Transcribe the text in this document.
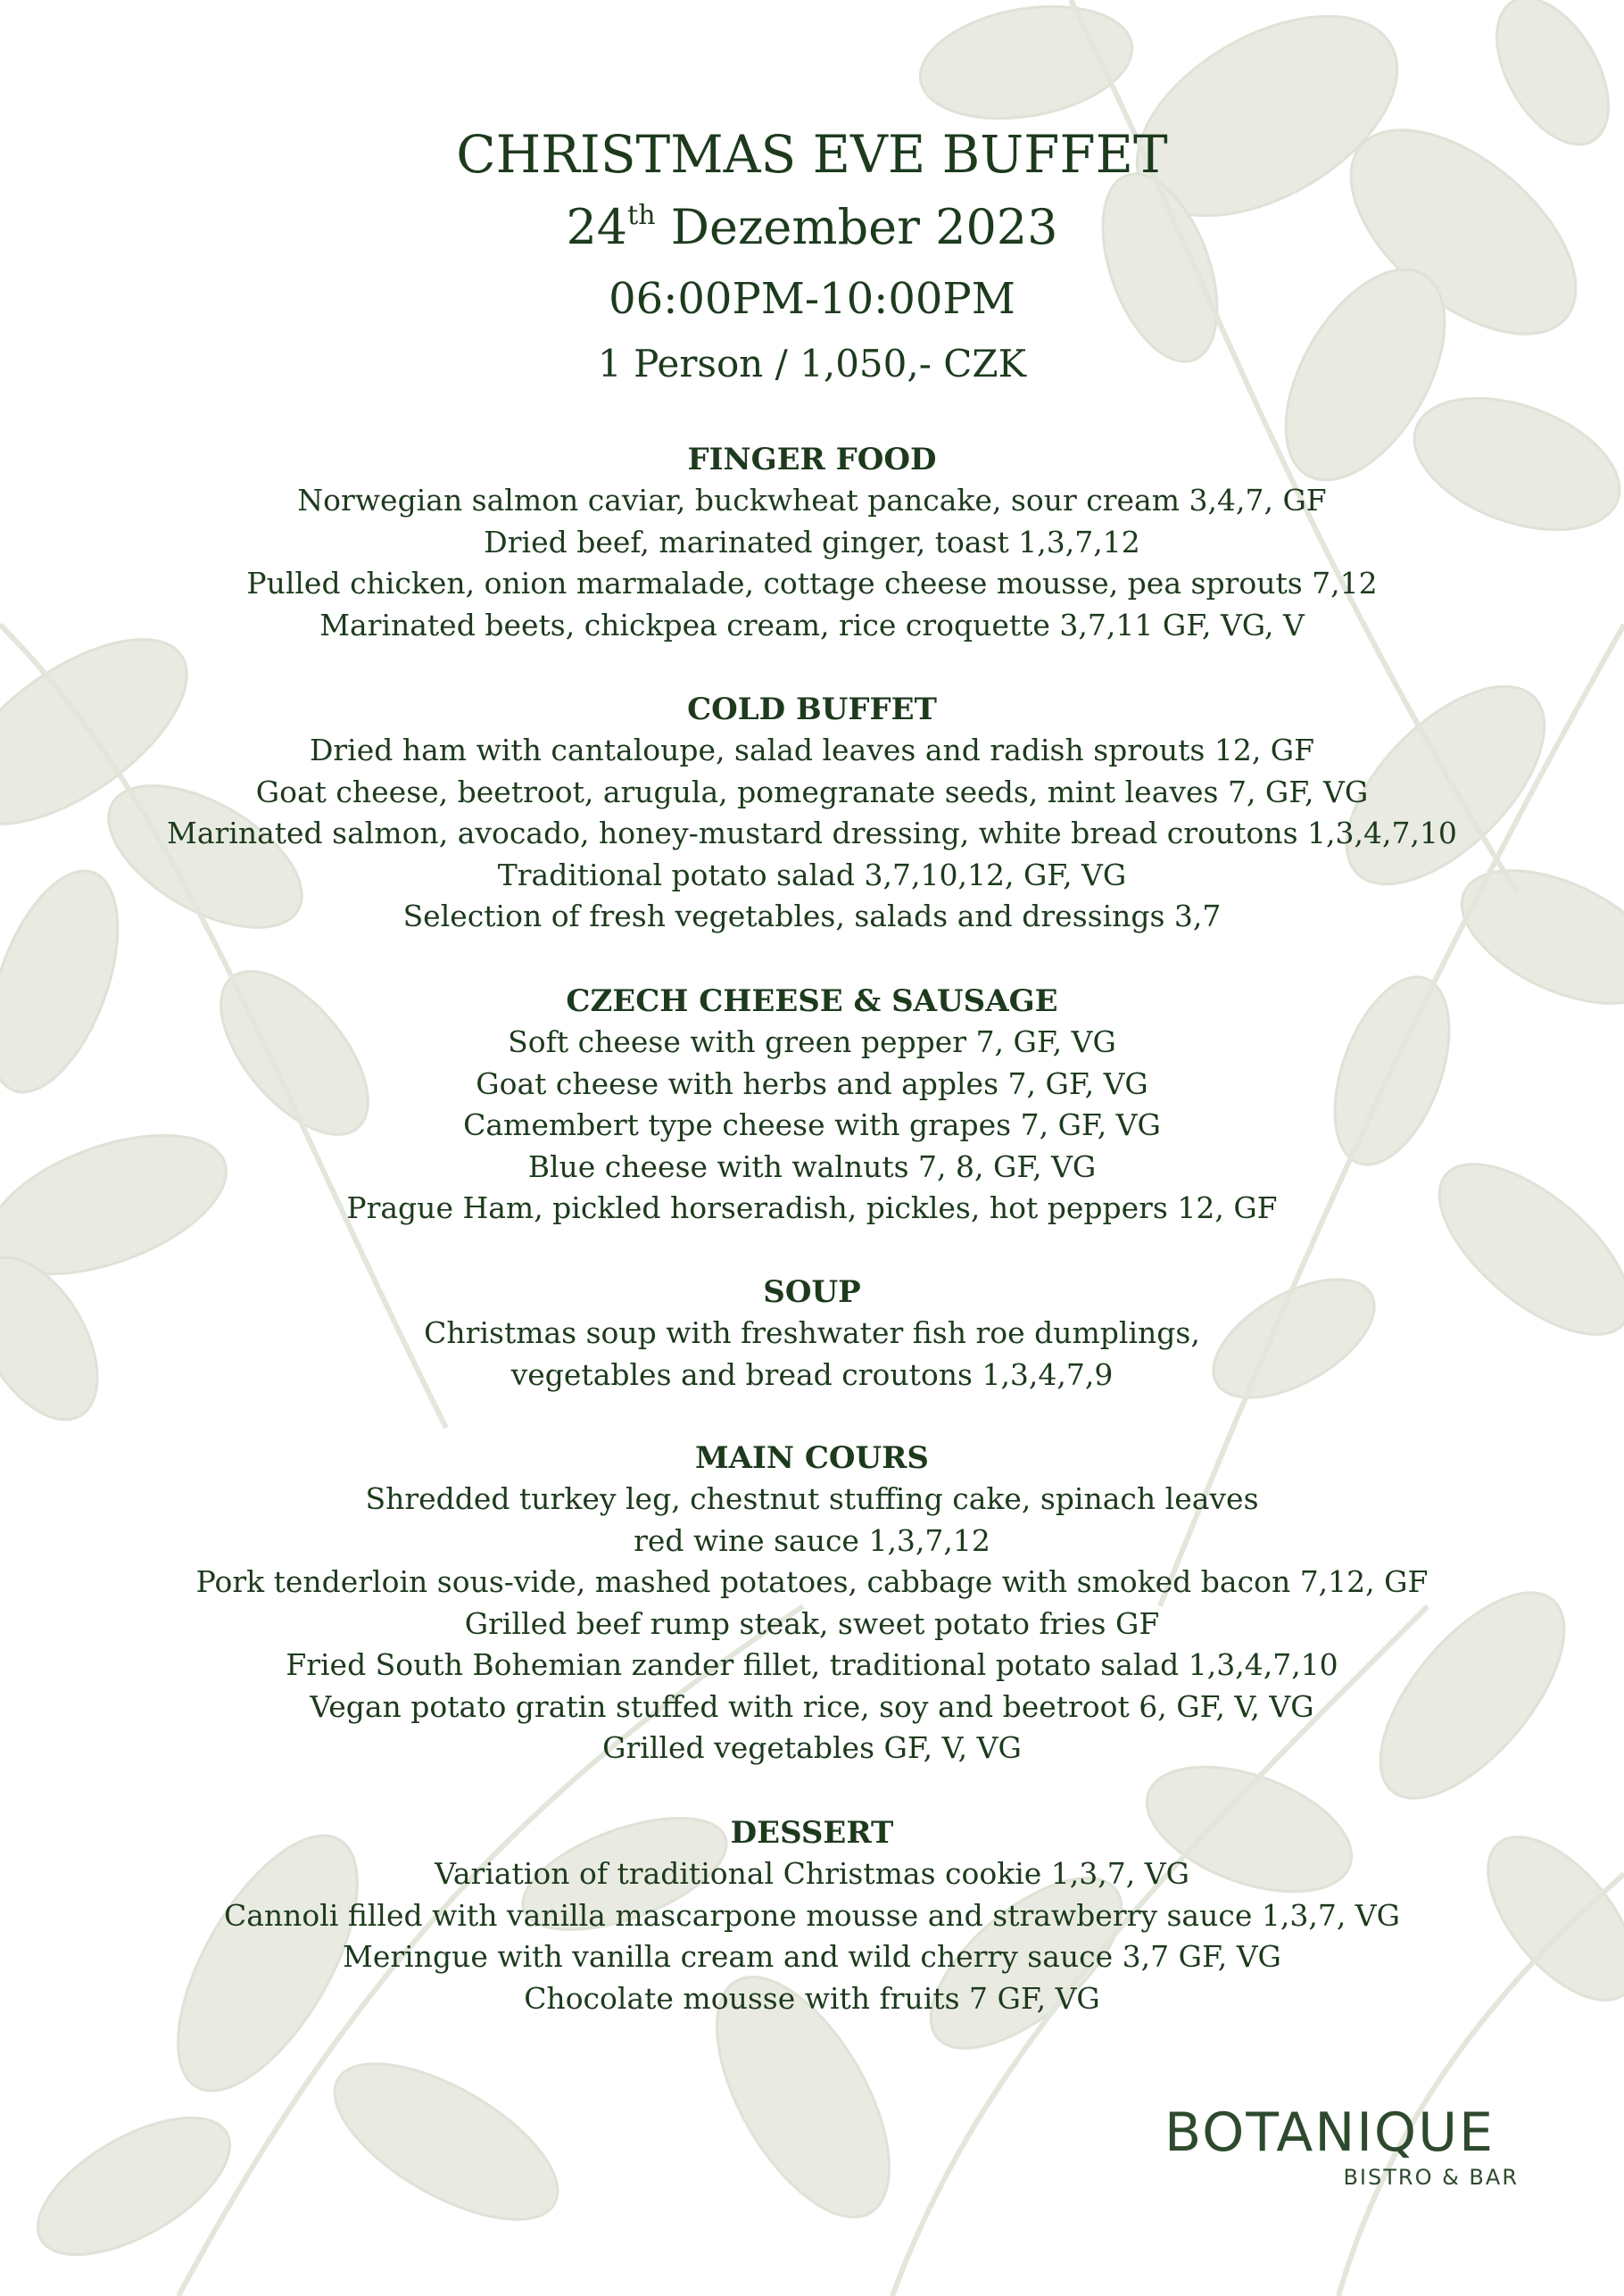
CHRISTMAS EVE BUFFET
24th Dezember 2023
06:00PM-10:00PM
1 Person / 1,050,- CZK
FINGER FOOD
Norwegian salmon caviar, buckwheat pancake, sour cream 3,4,7, GF
Dried beef, marinated ginger, toast 1,3,7,12
Pulled chicken, onion marmalade, cottage cheese mousse, pea sprouts 7,12
Marinated beets, chickpea cream, rice croquette 3,7,11 GF, VG, V
COLD BUFFET
Dried ham with cantaloupe, salad leaves and radish sprouts 12, GF
Goat cheese, beetroot, arugula, pomegranate seeds, mint leaves 7, GF, VG
Marinated salmon, avocado, honey-mustard dressing, white bread croutons 1,3,4,7,10
Traditional potato salad 3,7,10,12, GF, VG
Selection of fresh vegetables, salads and dressings 3,7
CZECH CHEESE & SAUSAGE
Soft cheese with green pepper 7, GF, VG
Goat cheese with herbs and apples 7, GF, VG
Camembert type cheese with grapes 7, GF, VG
Blue cheese with walnuts 7, 8, GF, VG
Prague Ham, pickled horseradish, pickles, hot peppers 12, GF
SOUP
Christmas soup with freshwater fish roe dumplings,
vegetables and bread croutons 1,3,4,7,9
MAIN COURS
Shredded turkey leg, chestnut stuffing cake, spinach leaves
red wine sauce 1,3,7,12
Pork tenderloin sous-vide, mashed potatoes, cabbage with smoked bacon 7,12, GF
Grilled beef rump steak, sweet potato fries GF
Fried South Bohemian zander fillet, traditional potato salad 1,3,4,7,10
Vegan potato gratin stuffed with rice, soy and beetroot 6, GF, V, VG
Grilled vegetables GF, V, VG
DESSERT
Variation of traditional Christmas cookie 1,3,7, VG
Cannoli filled with vanilla mascarpone mousse and strawberry sauce 1,3,7, VG
Meringue with vanilla cream and wild cherry sauce 3,7 GF, VG
Chocolate mousse with fruits 7 GF, VG
BOTANIQUE
BISTRO & BAR
